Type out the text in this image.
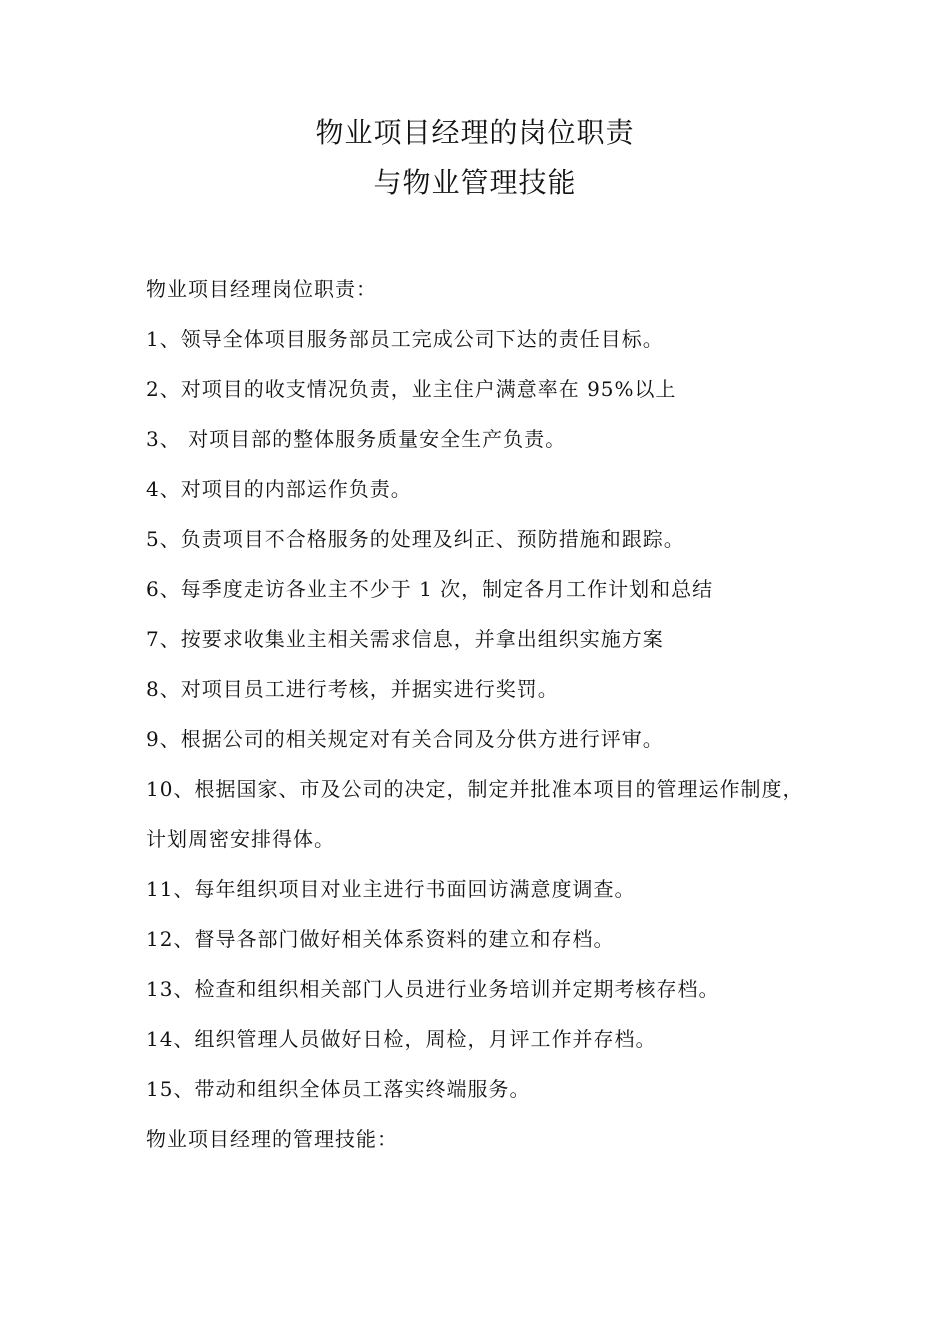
物业项目经理的岗位职责
与物业管理技能
物业项目经理岗位职责：
1、领导全体项目服务部员工完成公司下达的责任目标。
2、对项目的收支情况负责，业主住户满意率在 95%以上
3、 对项目部的整体服务质量安全生产负责。
4、对项目的内部运作负责。
5、负责项目不合格服务的处理及纠正、预防措施和跟踪。
6、每季度走访各业主不少于 1 次，制定各月工作计划和总结
7、按要求收集业主相关需求信息，并拿出组织实施方案
8、对项目员工进行考核，并据实进行奖罚。
9、根据公司的相关规定对有关合同及分供方进行评审。
10、根据国家、市及公司的决定，制定并批准本项目的管理运作制度，
计划周密安排得体。
11、每年组织项目对业主进行书面回访满意度调查。
12、督导各部门做好相关体系资料的建立和存档。
13、检查和组织相关部门人员进行业务培训并定期考核存档。
14、组织管理人员做好日检，周检，月评工作并存档。
15、带动和组织全体员工落实终端服务。
物业项目经理的管理技能：
